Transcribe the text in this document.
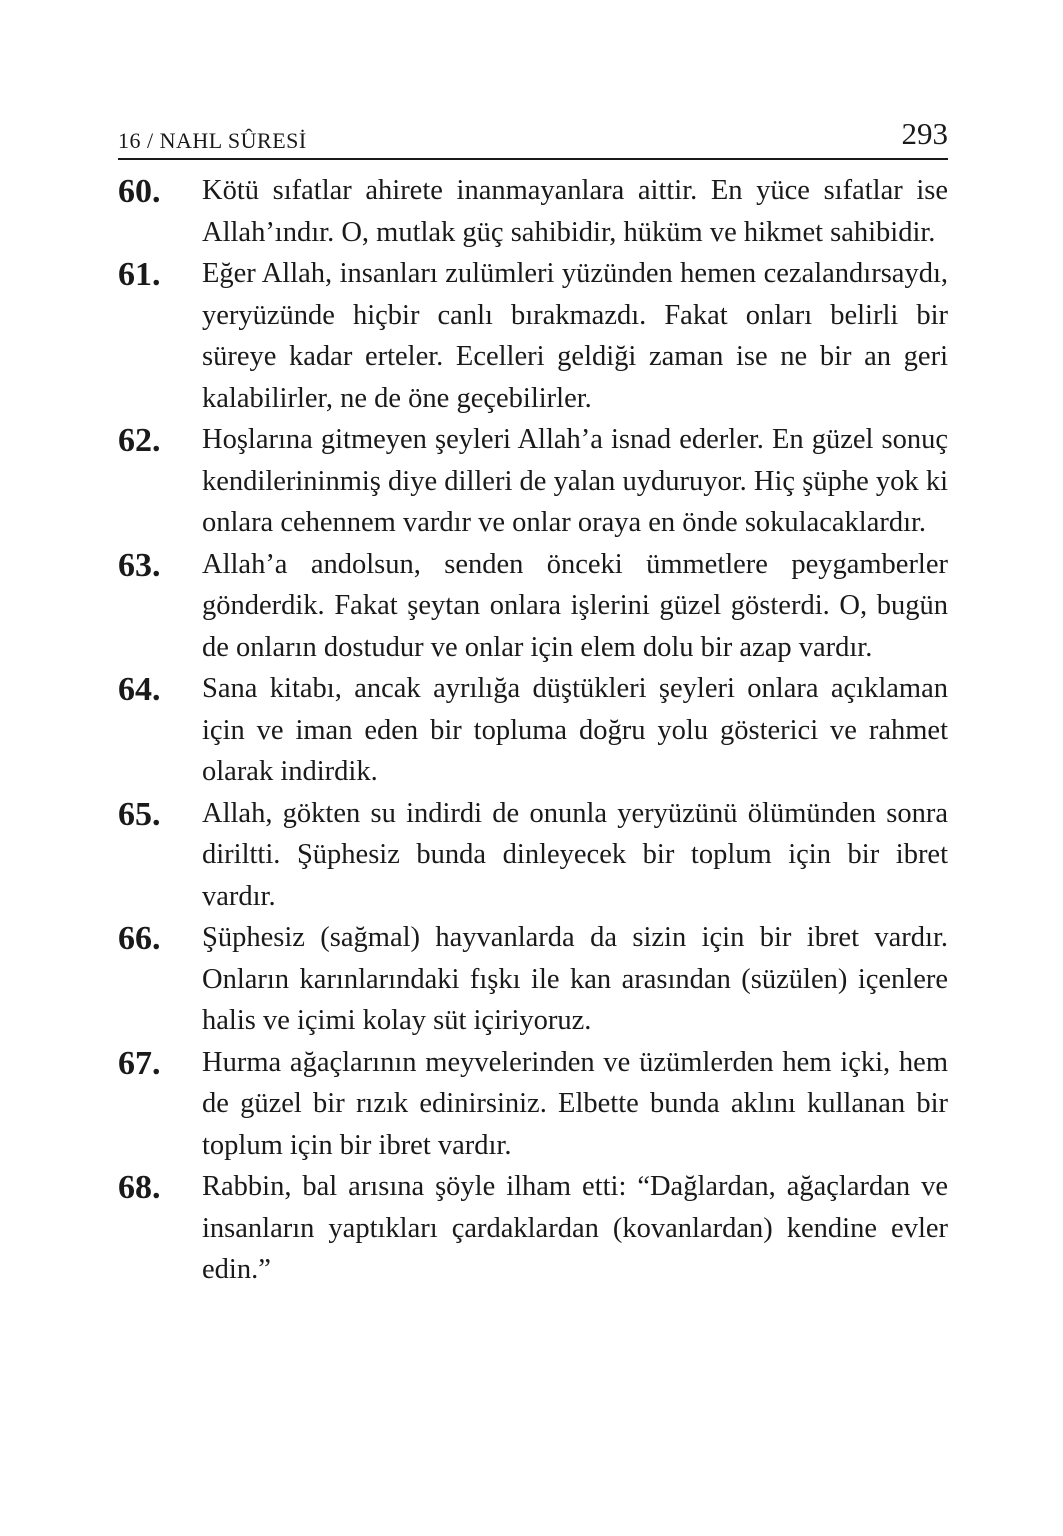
16 / NAHL SÛRESİ	293
60.	Kötü sıfatlar ahirete inanmayanlara aittir. En yüce sıfatlar ise Allah’ındır. O, mutlak güç sahibidir, hüküm ve hikmet sahibidir.
61.	Eğer Allah, insanları zulümleri yüzünden hemen cezalandırsaydı, yeryüzünde hiçbir canlı bırakmazdı. Fakat onları belirli bir süreye kadar erteler. Ecelleri geldiği zaman ise ne bir an geri kalabilirler, ne de öne geçebilirler.
62.	Hoşlarına gitmeyen şeyleri Allah’a isnad ederler. En güzel sonuç kendilerininmiş diye dilleri de yalan uyduruyor. Hiç şüphe yok ki onlara cehennem vardır ve onlar oraya en önde sokulacaklardır.
63.	Allah’a andolsun, senden önceki ümmetlere peygamberler gönderdik. Fakat şeytan onlara işlerini güzel gösterdi. O, bugün de onların dostudur ve onlar için elem dolu bir azap vardır.
64.	Sana kitabı, ancak ayrılığa düştükleri şeyleri onlara açıklaman için ve iman eden bir topluma doğru yolu gösterici ve rahmet olarak indirdik.
65.	Allah, gökten su indirdi de onunla yeryüzünü ölümünden sonra diriltti. Şüphesiz bunda dinleyecek bir toplum için bir ibret vardır.
66.	Şüphesiz (sağmal) hayvanlarda da sizin için bir ibret vardır. Onların karınlarındaki fışkı ile kan arasından (süzülen) içenlere halis ve içimi kolay süt içiriyoruz.
67.	Hurma ağaçlarının meyvelerinden ve üzümlerden hem içki, hem de güzel bir rızık edinirsiniz. Elbette bunda aklını kullanan bir toplum için bir ibret vardır.
68.	Rabbin, bal arısına şöyle ilham etti: “Dağlardan, ağaçlardan ve insanların yaptıkları çardaklardan (kovanlardan) kendine evler edin.”
